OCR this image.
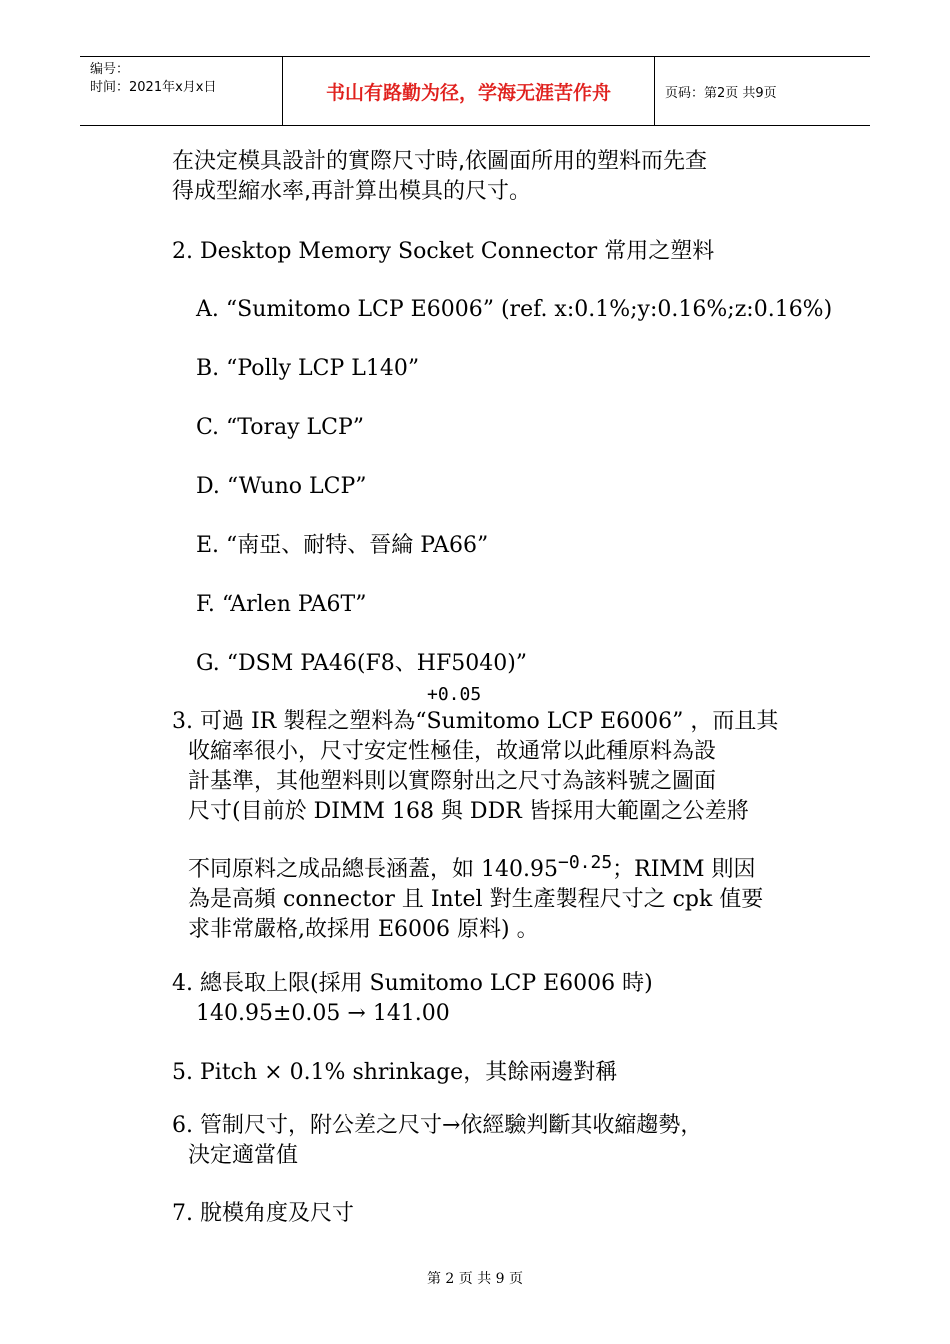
编号：
时间：2021年x月x日	书山有路勤为径，学海无涯苦作舟	页码：第2页 共9页
在決定模具設計的實際尺寸時,依圖面所用的塑料而先查
得成型縮水率,再計算出模具的尺寸。
2. Desktop Memory Socket Connector 常用之塑料
A. “Sumitomo LCP E6006” (ref. x:0.1%;y:0.16%;z:0.16%)
B. “Polly LCP L140”
C. “Toray LCP”
D. “Wuno LCP”
E. “南亞、耐特、晉綸 PA66”
F. “Arlen PA6T”
G. “DSM PA46(F8、HF5040)”
3. 可過 IR 製程之塑料為“Sumitomo LCP E6006” ，而且其
收縮率很小，尺寸安定性極佳，故通常以此種原料為設
計基準，其他塑料則以實際射出之尺寸為該料號之圖面
尺寸(目前於 DIMM 168 與 DDR 皆採用大範圍之公差將
不同原料之成品總長涵蓋，如 $140.95^{-0.25}$；RIMM 則因
為是高頻 connector 且 Intel 對生產製程尺寸之 cpk 值要
求非常嚴格,故採用 E6006 原料) 。
4. 總長取上限(採用 Sumitomo LCP E6006 時)
140.95±0.05 → 141.00
5. Pitch × 0.1% shrinkage，其餘兩邊對稱
6. 管制尺寸，附公差之尺寸→依經驗判斷其收縮趨勢，
決定適當值
7. 脫模角度及尺寸
+0.05
第 2 页 共 9 页
